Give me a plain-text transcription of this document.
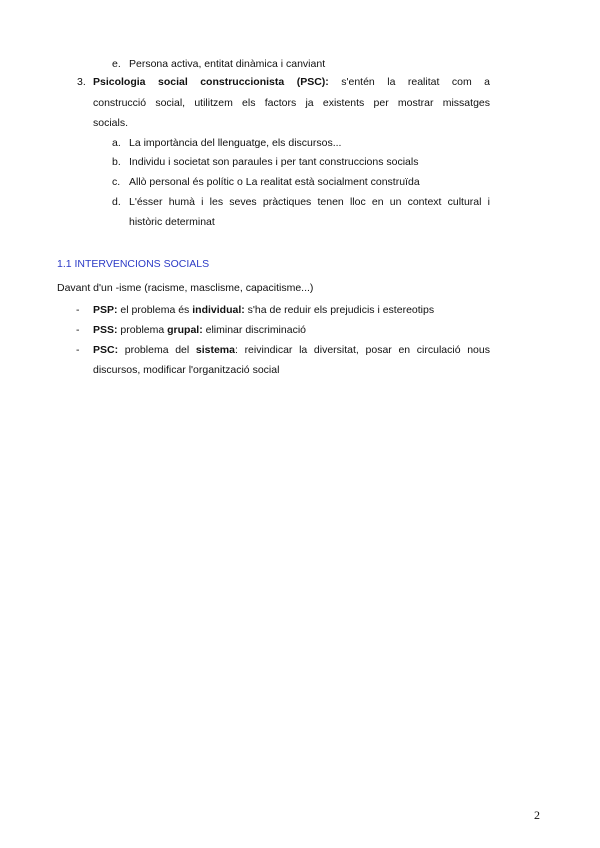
e. Persona activa, entitat dinàmica i canviant
3. Psicologia social construccionista (PSC): s'entén la realitat com a
construcció social, utilitzem els factors ja existents per mostrar missatges
socials.
a. La importància del llenguatge, els discursos...
b. Individu i societat son paraules i per tant construccions socials
c. Allò personal és polític o La realitat està socialment construïda
d. L'ésser humà i les seves pràctiques tenen lloc en un context cultural i
històric determinat
1.1 INTERVENCIONS SOCIALS
Davant d'un -isme (racisme, masclisme, capacitisme...)
- PSP: el problema és individual: s'ha de reduir els prejudicis i estereotips
- PSS: problema grupal: eliminar discriminació
- PSC: problema del sistema: reivindicar la diversitat, posar en circulació nous
discursos, modificar l'organització social
2
